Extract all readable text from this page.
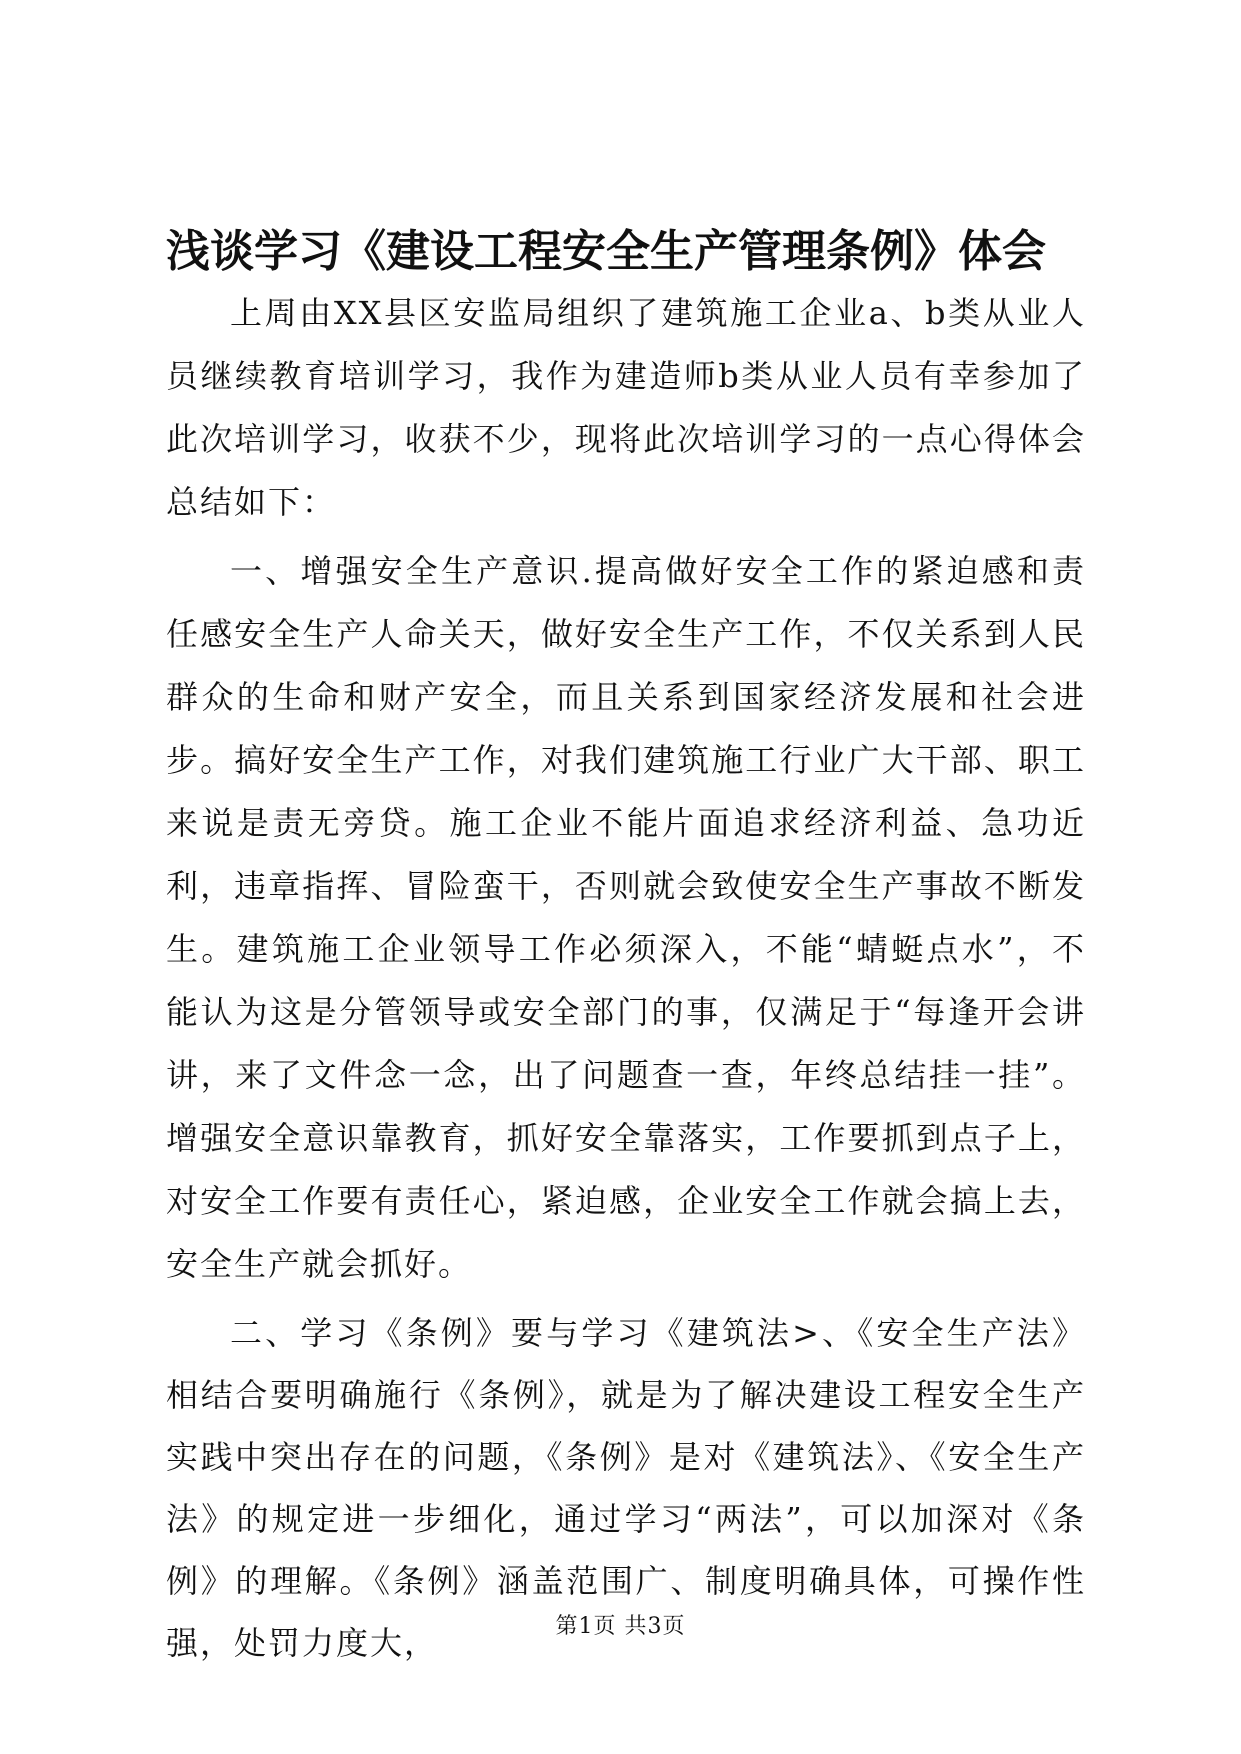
浅谈学习《建设工程安全生产管理条例》体会

上周由XX县区安监局组织了建筑施工企业a、b类从业人员继续教育培训学习，我作为建造师b类从业人员有幸参加了此次培训学习，收获不少，现将此次培训学习的一点心得体会总结如下：

一、增强安全生产意识.提高做好安全工作的紧迫感和责任感安全生产人命关天，做好安全生产工作，不仅关系到人民群众的生命和财产安全，而且关系到国家经济发展和社会进步。搞好安全生产工作，对我们建筑施工行业广大干部、职工来说是责无旁贷。施工企业不能片面追求经济利益、急功近利，违章指挥、冒险蛮干，否则就会致使安全生产事故不断发生。建筑施工企业领导工作必须深入，不能“蜻蜓点水”，不能认为这是分管领导或安全部门的事，仅满足于“每逢开会讲讲，来了文件念一念，出了问题查一查，年终总结挂一挂”。增强安全意识靠教育，抓好安全靠落实，工作要抓到点子上，对安全工作要有责任心，紧迫感，企业安全工作就会搞上去，安全生产就会抓好。

二、学习《条例》要与学习《建筑法>、《安全生产法》相结合要明确施行《条例》，就是为了解决建设工程安全生产实践中突出存在的问题，《条例》是对《建筑法》、《安全生产法》的规定进一步细化，通过学习“两法”，可以加深对《条例》的理解。《条例》涵盖范围广、制度明确具体，可操作性强，处罚力度大，	第1页 共3页
